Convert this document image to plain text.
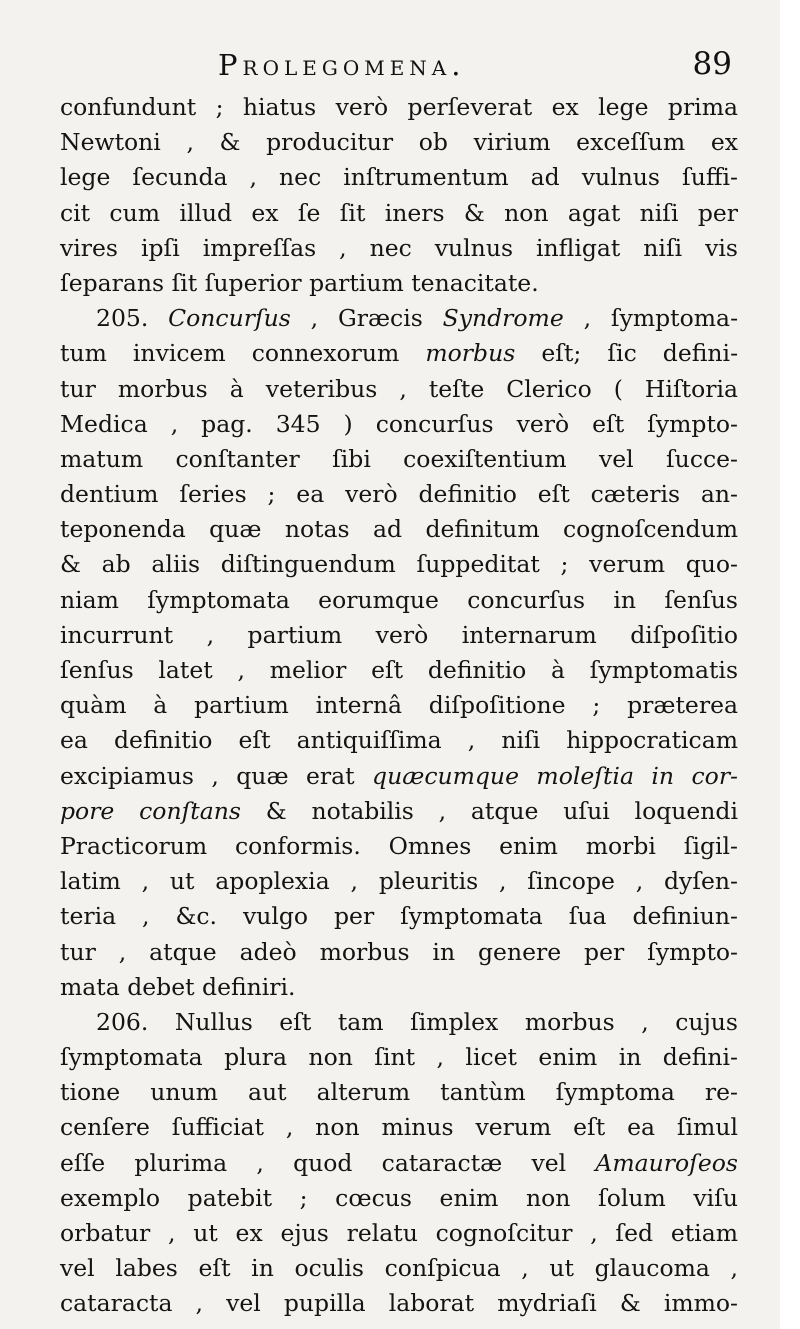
Prolegomena.	89
confundunt ; hiatus verò perſeverat ex lege prima
Newtoni , & producitur ob virium exceſſum ex
lege ſecunda , nec inſtrumentum ad vulnus ſuffi-
cit cum illud ex ſe ſit iners & non agat niſi per
vires ipſi impreſſas , nec vulnus infligat niſi vis
ſeparans ſit ſuperior partium tenacitate.
205. Concurſus , Græcis Syndrome , ſymptoma-
tum invicem connexorum morbus eſt; ſic defini-
tur morbus à veteribus , teſte Clerico ( Hiſtoria
Medica , pag. 345 ) concurſus verò eſt ſympto-
matum conſtanter ſibi coexiſtentium vel ſucce-
dentium ſeries ; ea verò definitio eſt cæteris an-
teponenda quæ notas ad definitum cognoſcendum
& ab aliis diſtinguendum ſuppeditat ; verum quo-
niam ſymptomata eorumque concurſus in ſenſus
incurrunt , partium verò internarum diſpoſitio
ſenſus latet , melior eſt definitio à ſymptomatis
quàm à partium internâ diſpoſitione ; præterea
ea definitio eſt antiquiſſima , niſi hippocraticam
excipiamus , quæ erat quæcumque moleſtia in cor-
pore conſtans & notabilis , atque uſui loquendi
Practicorum conformis. Omnes enim morbi ſigil-
latim , ut apoplexia , pleuritis , ſincope , dyſen-
teria , &c. vulgo per ſymptomata ſua definiun-
tur , atque adeò morbus in genere per ſympto-
mata debet definiri.
206. Nullus eſt tam ſimplex morbus , cujus
ſymptomata plura non ſint , licet enim in defini-
tione unum aut alterum tantùm ſymptoma re-
cenſere ſufficiat , non minus verum eſt ea ſimul
eſſe plurima , quod cataractæ vel Amauroſeos
exemplo patebit ; cœcus enim non ſolum viſu
orbatur , ut ex ejus relatu cognoſcitur , ſed etiam
vel labes eſt in oculis conſpicua , ut glaucoma ,
cataracta , vel pupilla laborat mydriaſi & immo-
